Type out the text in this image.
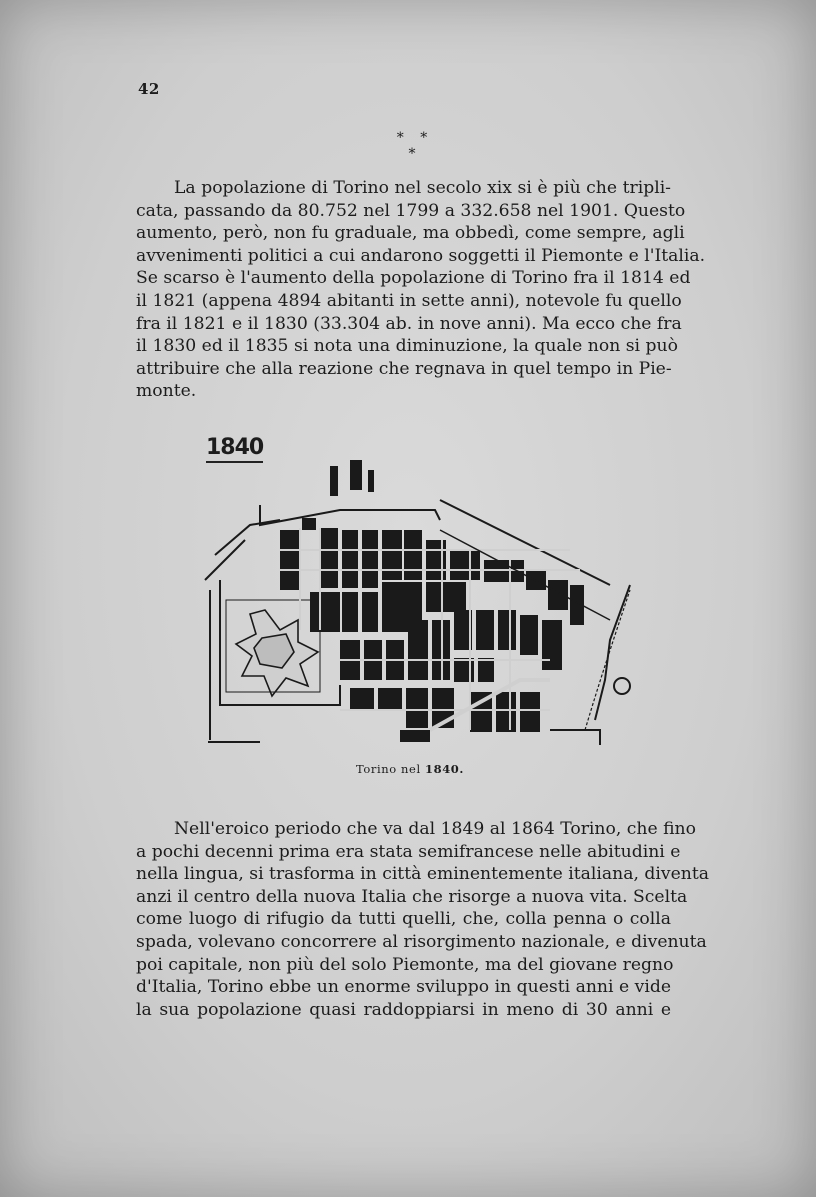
42
* * *
La popolazione di Torino nel secolo xix si è più che tripli-
cata, passando da 80.752 nel 1799 a 332.658 nel 1901. Questo
aumento, però, non fu graduale, ma obbedì, come sempre, agli
avvenimenti politici a cui andarono soggetti il Piemonte e l'Italia.
Se scarso è l'aumento della popolazione di Torino fra il 1814 ed
il 1821 (appena 4894 abitanti in sette anni), notevole fu quello
fra il 1821 e il 1830 (33.304 ab. in nove anni). Ma ecco che fra
il 1830 ed il 1835 si nota una diminuzione, la quale non si può
attribuire che alla reazione che regnava in quel tempo in Pie-
monte.
1840
Torino nel 1840.
Nell'eroico periodo che va dal 1849 al 1864 Torino, che fino
a pochi decenni prima era stata semifrancese nelle abitudini e
nella lingua, si trasforma in città eminentemente italiana, diventa
anzi il centro della nuova Italia che risorge a nuova vita. Scelta
come luogo di rifugio da tutti quelli, che, colla penna o colla
spada, volevano concorrere al risorgimento nazionale, e divenuta
poi capitale, non più del solo Piemonte, ma del giovane regno
d'Italia, Torino ebbe un enorme sviluppo in questi anni e vide
la sua popolazione quasi raddoppiarsi in meno di 30 anni e
